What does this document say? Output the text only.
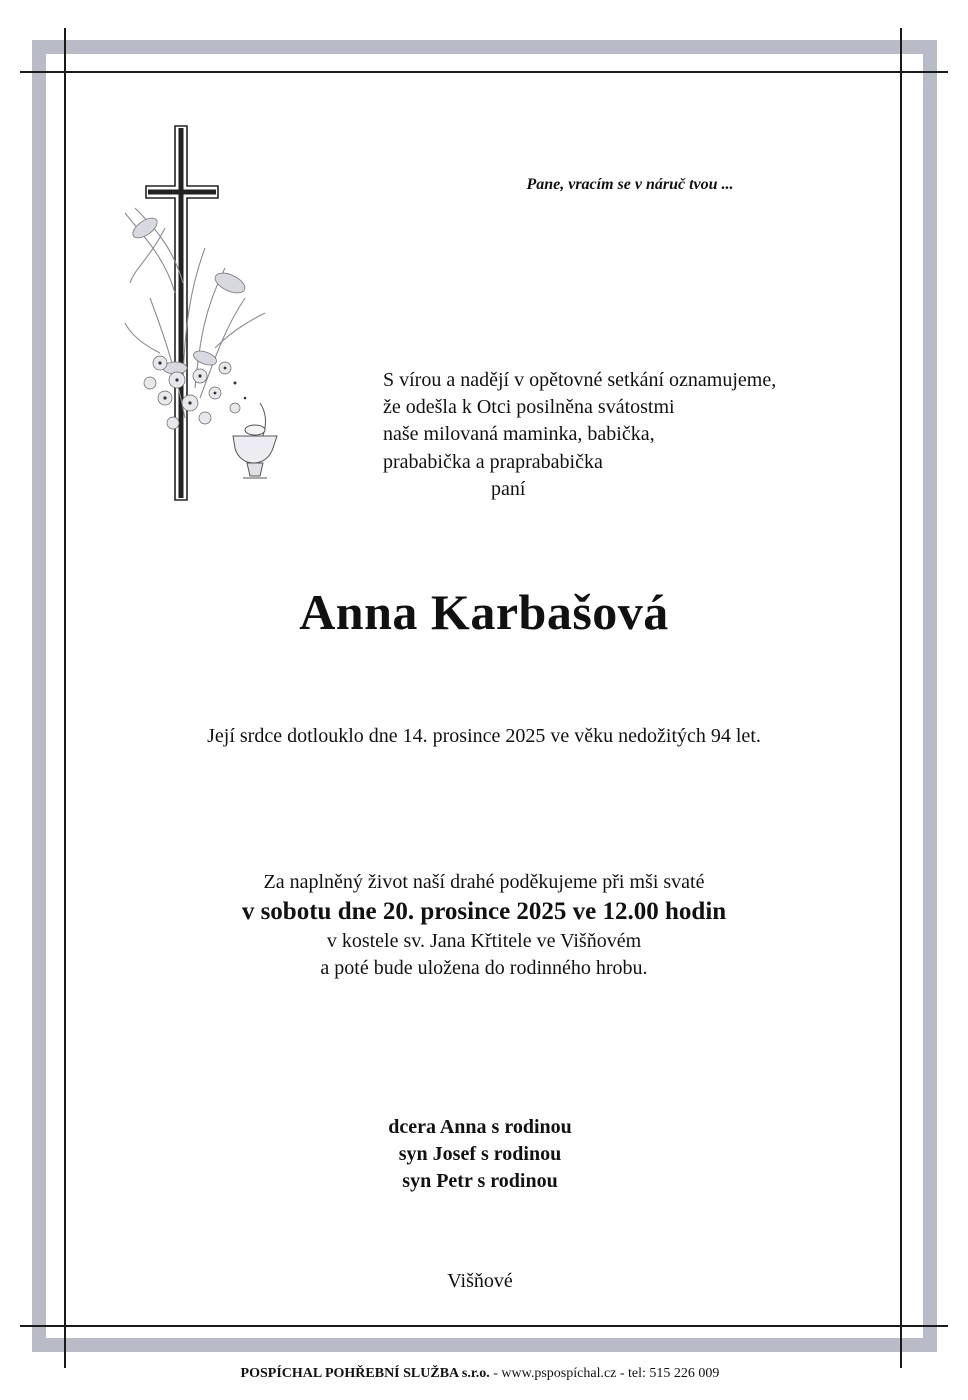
Pane, vracím se v náruč tvou ...

S vírou a nadějí v opětovné setkání oznamujeme,

že odešla k Otci posilněna svátostmi

naše milovaná maminka, babička,

prababička a praprababička

paní

Anna Karbašová

Její srdce dotlouklo dne 14. prosince 2025 ve věku nedožitých 94 let.

Za naplněný život naší drahé poděkujeme při mši svaté

v sobotu dne 20. prosince 2025 ve 12.00 hodin

v kostele sv. Jana Křtitele ve Višňovém

a poté bude uložena do rodinného hrobu.

dcera Anna s rodinou

syn Josef s rodinou

syn Petr s rodinou

Višňové

POSPÍCHAL POHŘEBNÍ SLUŽBA s.r.o. - www.pspospíchal.cz - tel: 515 226 009
